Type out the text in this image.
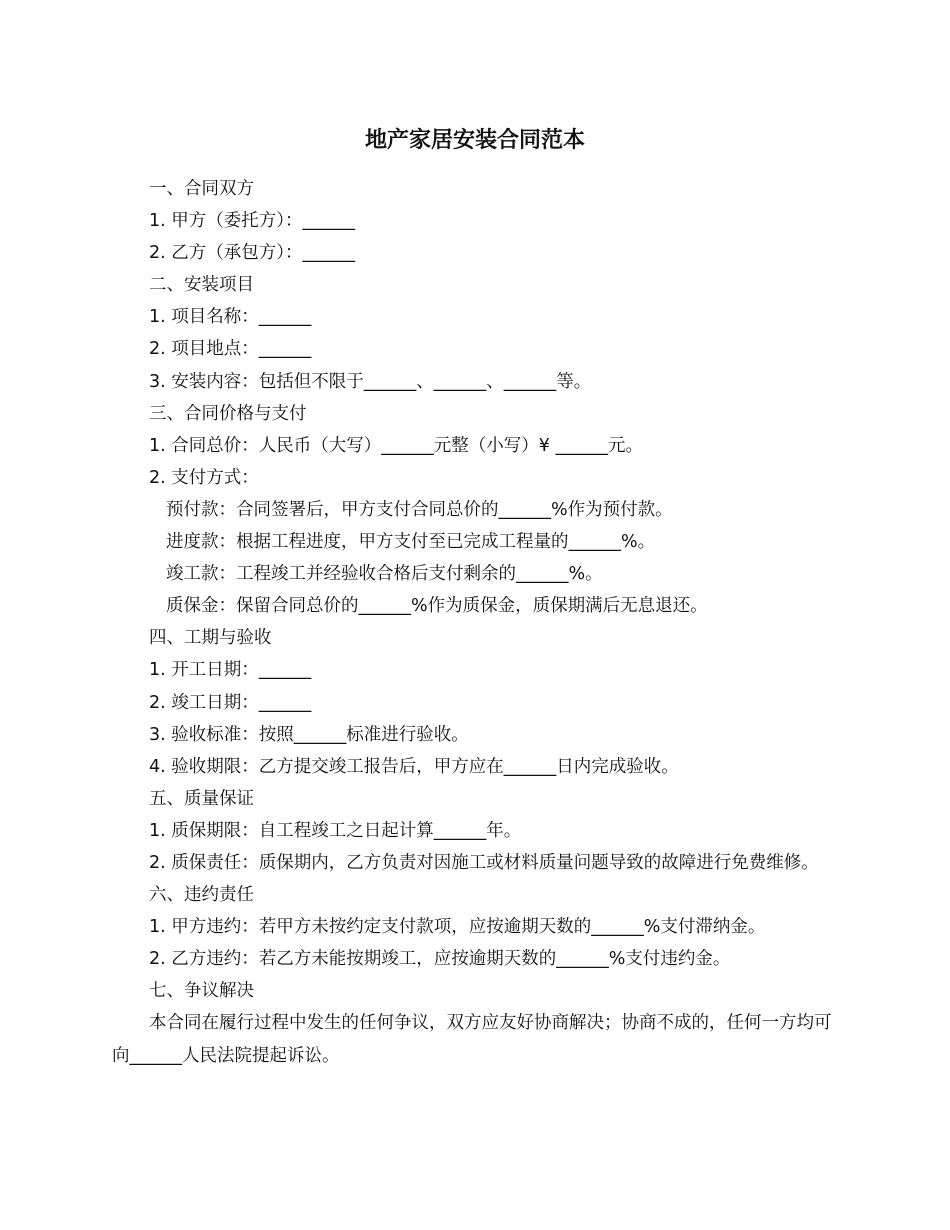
地产家居安装合同范本
一、合同双方
1. 甲方（委托方）：______
2. 乙方（承包方）：______
二、安装项目
1. 项目名称：______
2. 项目地点：______
3. 安装内容：包括但不限于______、______、______等。
三、合同价格与支付
1. 合同总价：人民币（大写）______元整（小写）¥ ______元。
2. 支付方式：
预付款：合同签署后，甲方支付合同总价的______%作为预付款。
进度款：根据工程进度，甲方支付至已完成工程量的______%。
竣工款：工程竣工并经验收合格后支付剩余的______%。
质保金：保留合同总价的______%作为质保金，质保期满后无息退还。
四、工期与验收
1. 开工日期：______
2. 竣工日期：______
3. 验收标准：按照______标准进行验收。
4. 验收期限：乙方提交竣工报告后，甲方应在______日内完成验收。
五、质量保证
1. 质保期限：自工程竣工之日起计算______年。
2. 质保责任：质保期内，乙方负责对因施工或材料质量问题导致的故障进行免费维修。
六、违约责任
1. 甲方违约：若甲方未按约定支付款项，应按逾期天数的______%支付滞纳金。
2. 乙方违约：若乙方未能按期竣工，应按逾期天数的______%支付违约金。
七、争议解决
本合同在履行过程中发生的任何争议，双方应友好协商解决；协商不成的，任何一方均可向______人民法院提起诉讼。
